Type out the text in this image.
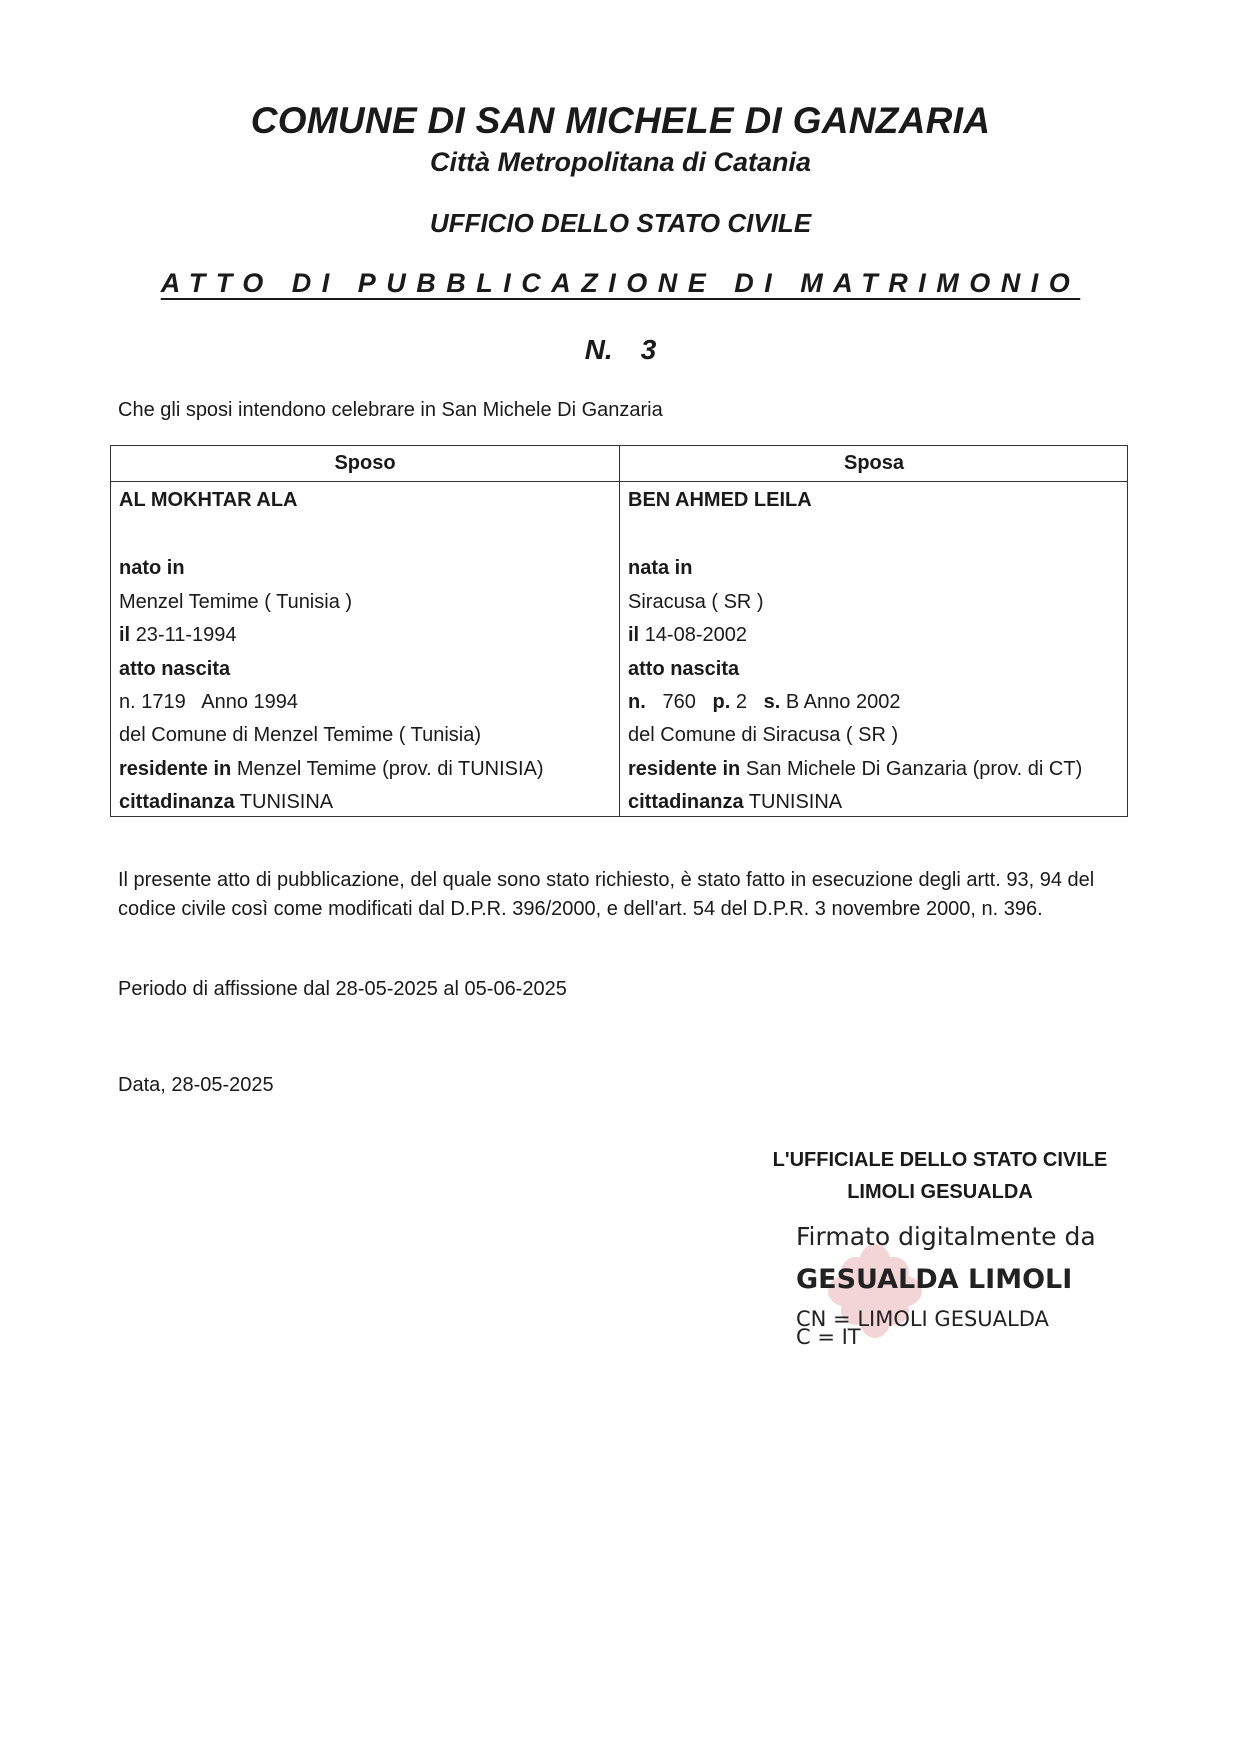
COMUNE DI SAN MICHELE DI GANZARIA
Città Metropolitana di Catania
UFFICIO DELLO STATO CIVILE
ATTO DI PUBBLICAZIONE DI MATRIMONIO
N. 3
Che gli sposi intendono celebrare in San Michele Di Ganzaria
Sposo
AL MOKHTAR ALA
nato in
Menzel Temime ( Tunisia )
il 23-11-1994
atto nascita
n. 1719   Anno 1994
del Comune di Menzel Temime ( Tunisia)
residente in Menzel Temime (prov. di TUNISIA)
cittadinanza TUNISINA
Sposa
BEN AHMED LEILA
nata in
Siracusa ( SR )
il 14-08-2002
atto nascita
n. 760 p. 2 s. B Anno 2002
del Comune di Siracusa ( SR )
residente in San Michele Di Ganzaria (prov. di CT)
cittadinanza TUNISINA
Il presente atto di pubblicazione, del quale sono stato richiesto, è stato fatto in esecuzione degli artt. 93, 94 del codice civile così come modificati dal D.P.R. 396/2000, e dell'art. 54 del D.P.R. 3 novembre 2000, n. 396.
Periodo di affissione dal 28-05-2025 al 05-06-2025
Data, 28-05-2025
L'UFFICIALE DELLO STATO CIVILE
LIMOLI GESUALDA
Firmato digitalmente da
GESUALDA LIMOLI
CN = LIMOLI GESUALDA
C = IT
